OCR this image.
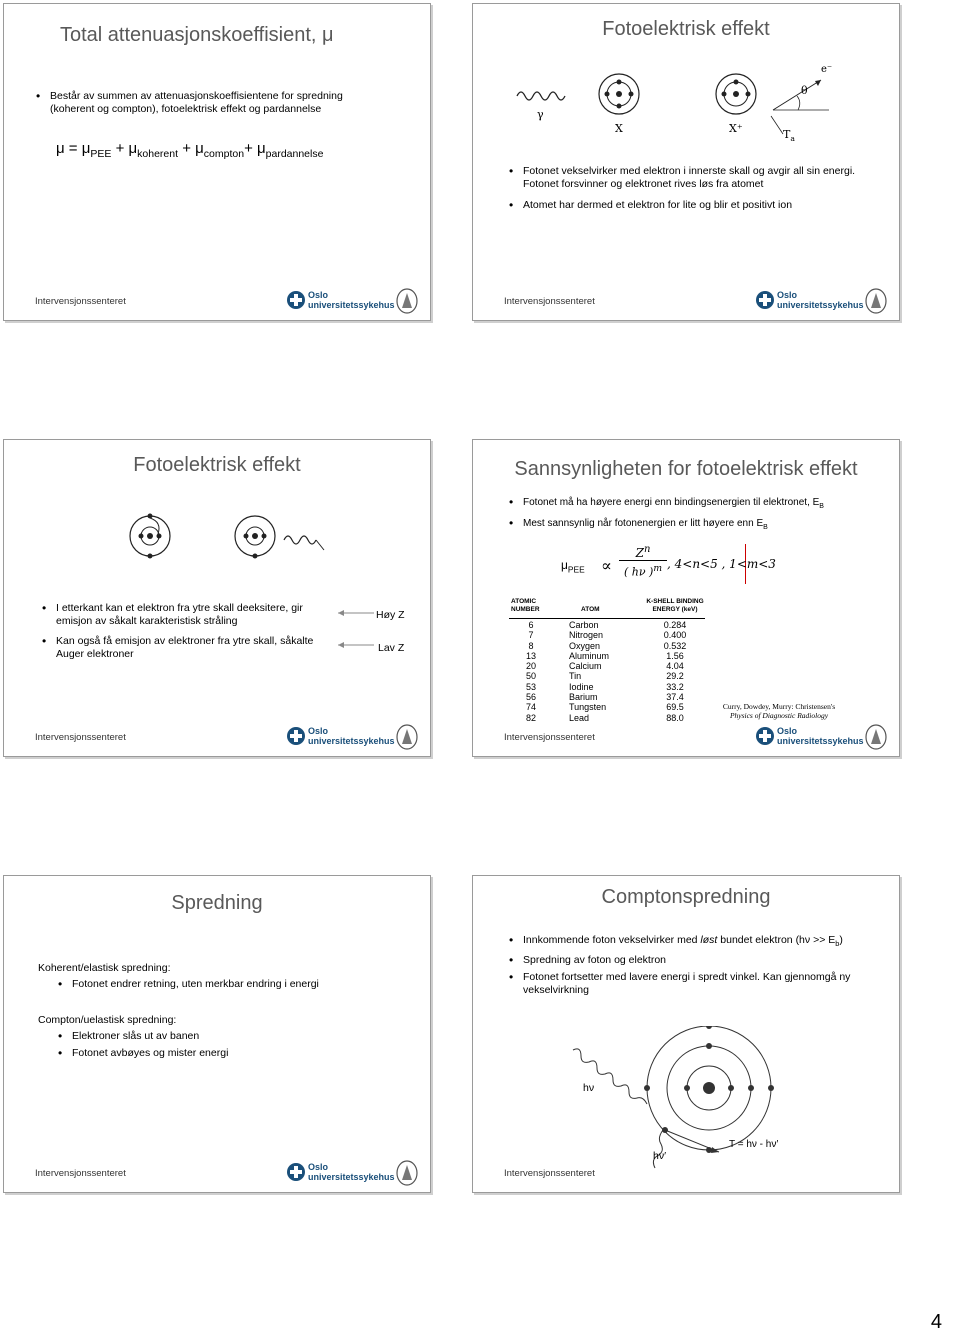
Total attenuasjonskoeffisient, μ
• Består av summen av attenuasjonskoeffisientene for spredning (koherent og compton), fotoelektrisk effekt og pardannelse
$\mu = \mu_{PEE} + \mu_{koherent} + \mu_{compton}+ \mu_{pardannelse}$
Intervensjonssenteret
Oslo
universitetssykehus
Fotoelektrisk effekt
γ
X	X⁺
θ
e⁻
$T_a$
• Fotonet vekselvirker med elektron i innerste skall og avgir all sin energi. Fotonet forsvinner og elektronet rives løs fra atomet
• Atomet har dermed et elektron for lite og blir et positivt ion
Intervensjonssenteret
Oslo
universitetssykehus
Fotoelektrisk effekt
• I etterkant kan et elektron fra ytre skall deeksitere, gir emisjon av såkalt karakteristisk stråling
• Kan også få emisjon av elektroner fra ytre skall, såkalte Auger elektroner
Høy Z
Lav Z
Intervensjonssenteret
Oslo
universitetssykehus
Sannsynligheten for fotoelektrisk effekt
• Fotonet må ha høyere energi enn bindingsenergien til elektronet, $E_B$
• Mest sannsynlig når fotonenergien er litt høyere enn $E_B$
$\mu_{PEE}$ ∝
$Z^n$
( hν )$^m$ , 4<n<5 , 1<m<3
ATOMIC NUMBER	ATOM
K-SHELL BINDING ENERGY (keV)
6	Carbon	0.284
7	Nitrogen	0.400
8	Oxygen	0.532
13	Aluminum	1.56
20	Calcium	4.04
50	Tin	29.2
53	Iodine	33.2
56	Barium	37.4
74	Tungsten	69.5
82	Lead	88.0
Curry, Dowdey, Murry: Christensen's
Physics of Diagnostic Radiology
Intervensjonssenteret
Oslo
universitetssykehus
Spredning
Koherent/elastisk spredning:
• Fotonet endrer retning, uten merkbar endring i energi
Compton/uelastisk spredning:
• Elektroner slås ut av banen
• Fotonet avbøyes og mister energi
Intervensjonssenteret
Oslo
universitetssykehus
Comptonspredning
• Innkommende foton vekselvirker med løst bundet elektron $(h\nu >> E_b)$
• Spredning av foton og elektron
• Fotonet fortsetter med lavere energi i spredt vinkel. Kan gjennomgå ny vekselvirkning
hν
hν′
T = hν - hν′
Intervensjonssenteret
4
